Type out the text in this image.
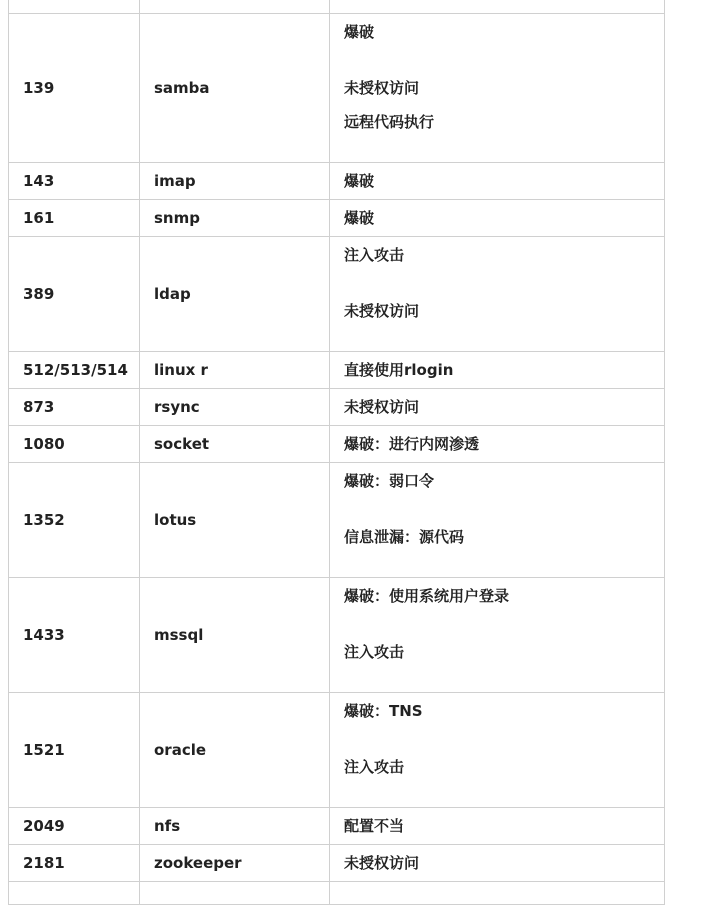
139	samba	爆破
未授权访问
远程代码执行

143	imap	爆破

161	snmp	爆破

389	ldap	注入攻击
未授权访问

512/513/514	linux r	直接使用rlogin

873	rsync	未授权访问

1080	socket	爆破：进行内网渗透

1352	lotus	爆破：弱口令
信息泄漏：源代码

1433	mssql	爆破：使用系统用户登录
注入攻击

1521	oracle	爆破：TNS
注入攻击

2049	nfs	配置不当

2181	zookeeper	未授权访问
